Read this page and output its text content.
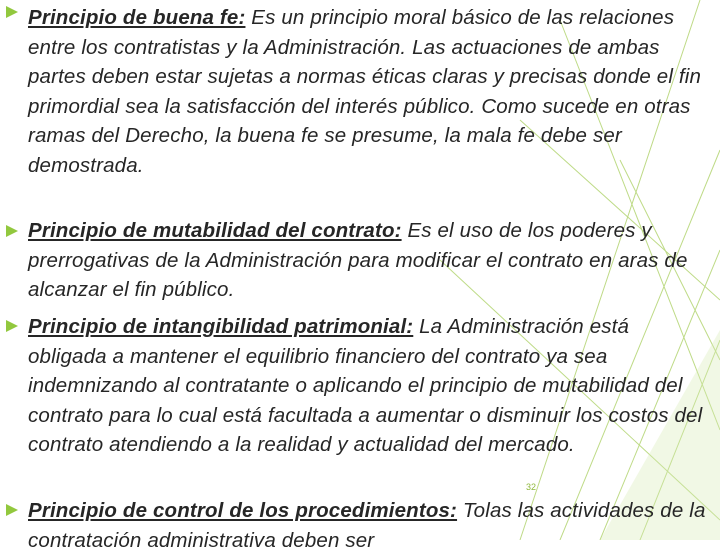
Principio de buena fe: Es un principio moral básico de las relaciones entre los contratistas y la Administración. Las actuaciones de ambas partes deben estar sujetas a normas éticas claras y precisas donde el fin primordial sea la satisfacción del interés público. Como sucede en otras ramas del Derecho, la buena fe se presume, la mala fe debe ser demostrada.
Principio de mutabilidad del contrato: Es el uso de los poderes y prerrogativas de la Administración para modificar el contrato en aras de alcanzar el fin público.
Principio de intangibilidad patrimonial: La Administración está obligada a mantener el equilibrio financiero del contrato ya sea indemnizando al contratante o aplicando el principio de mutabilidad del contrato para lo cual está facultada a aumentar o disminuir los costos del contrato atendiendo a la realidad y actualidad del mercado.
32
Principio de control de los procedimientos: Tolas las actividades de la contratación administrativa deben ser
